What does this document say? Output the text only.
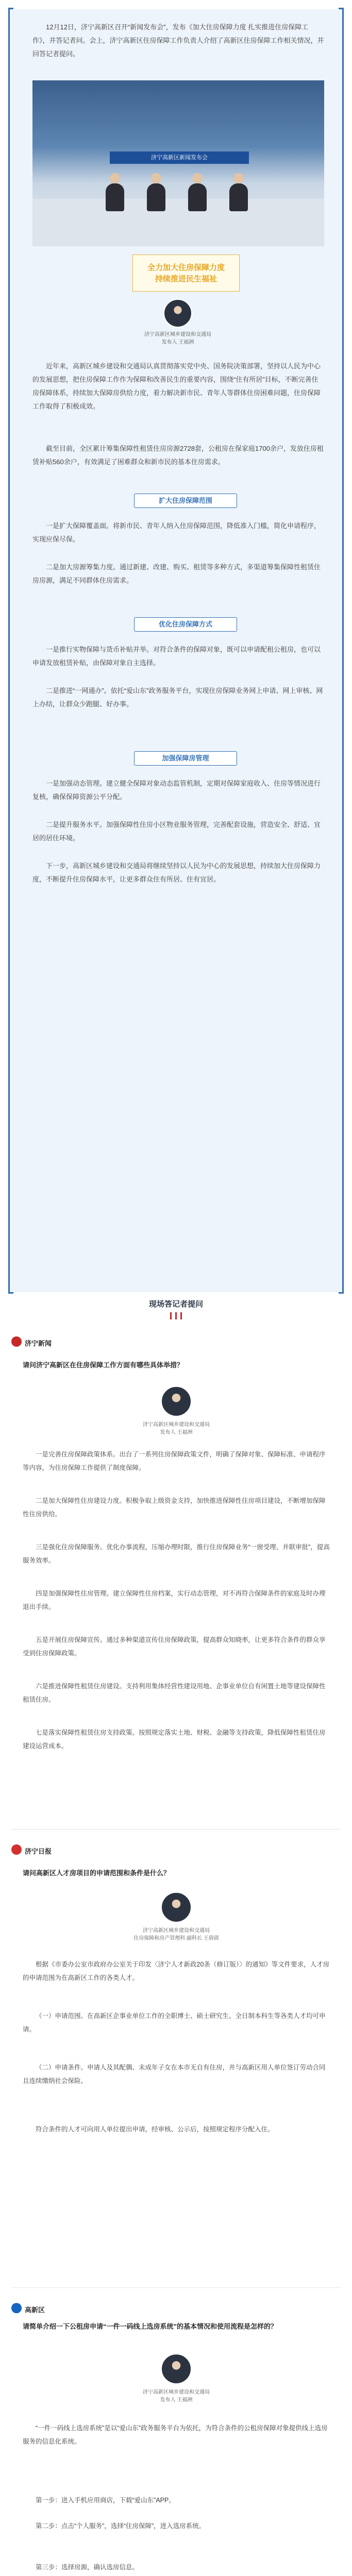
12月12日，济宁高新区召开“新闻发布会”，发布《加大住房保障力度 扎实推进住房保障工作》，并答记者问。会上，济宁高新区住房保障工作负责人介绍了高新区住房保障工作相关情况，并回答记者提问。

济宁高新区新闻发布会
全力加大住房保障力度
持续推进民生福祉
济宁高新区城乡建设和交通局
发布人 王福洲

近年来，高新区城乡建设和交通局认真贯彻落实党中央、国务院决策部署，坚持以人民为中心的发展思想，把住房保障工作作为保障和改善民生的重要内容，围绕“住有所居”目标，不断完善住房保障体系，持续加大保障房供给力度，着力解决新市民、青年人等群体住房困难问题，住房保障工作取得了积极成效。

截至目前，全区累计筹集保障性租赁住房房源2728套，公租房在保家庭1700余户，发放住房租赁补贴560余户，有效满足了困难群众和新市民的基本住房需求。

扩大住房保障范围

一是扩大保障覆盖面。将新市民、青年人纳入住房保障范围，降低准入门槛，简化申请程序，实现应保尽保。

二是加大房源筹集力度。通过新建、改建、购买、租赁等多种方式，多渠道筹集保障性租赁住房房源，满足不同群体住房需求。

优化住房保障方式

一是推行实物保障与货币补贴并举。对符合条件的保障对象，既可以申请配租公租房，也可以申请发放租赁补贴，由保障对象自主选择。

二是推进“一网通办”。依托“爱山东”政务服务平台，实现住房保障业务网上申请、网上审核、网上办结，让群众少跑腿、好办事。

加强保障房管理

一是加强动态管理。建立健全保障对象动态监管机制，定期对保障家庭收入、住房等情况进行复核，确保保障资源公平分配。

二是提升服务水平。加强保障性住房小区物业服务管理，完善配套设施，营造安全、舒适、宜居的居住环境。

下一步，高新区城乡建设和交通局将继续坚持以人民为中心的发展思想，持续加大住房保障力度，不断提升住房保障水平，让更多群众住有所居、住有宜居。

现场答记者提问
济宁新闻

请问济宁高新区在住房保障工作方面有哪些具体举措？

济宁高新区城乡建设和交通局
发布人 王福洲

一是完善住房保障政策体系。出台了一系列住房保障政策文件，明确了保障对象、保障标准、申请程序等内容，为住房保障工作提供了制度保障。

二是加大保障性住房建设力度。积极争取上级资金支持，加快推进保障性住房项目建设，不断增加保障性住房供给。

三是强化住房保障服务。优化办事流程，压缩办理时限，推行住房保障业务“一窗受理、并联审批”，提高服务效率。

四是加强保障性住房管理。建立保障性住房档案，实行动态管理，对不再符合保障条件的家庭及时办理退出手续。

五是开展住房保障宣传。通过多种渠道宣传住房保障政策，提高群众知晓率，让更多符合条件的群众享受到住房保障政策。

六是推进保障性租赁住房建设。支持利用集体经营性建设用地、企事业单位自有闲置土地等建设保障性租赁住房。

七是落实保障性租赁住房支持政策。按照规定落实土地、财税、金融等支持政策，降低保障性租赁住房建设运营成本。

济宁日报

请问高新区人才房项目的申请范围和条件是什么？

济宁高新区城乡建设和交通局
住房保障和房产管理科 副科长 王倩倩

根据《市委办公室市政府办公室关于印发〈济宁人才新政20条（修订版）〉的通知》等文件要求，人才房的申请范围为在高新区工作的各类人才。

（一）申请范围。在高新区企事业单位工作的全职博士、硕士研究生、全日制本科生等各类人才均可申请。

（二）申请条件。申请人及其配偶、未成年子女在本市无自有住房，并与高新区用人单位签订劳动合同且连续缴纳社会保险。

符合条件的人才可向用人单位提出申请，经审核、公示后，按照规定程序分配入住。

高新区

请简单介绍一下公租房申请“一件一码线上选房系统”的基本情况和使用流程是怎样的？

济宁高新区城乡建设和交通局
发布人 王福洲

“一件一码线上选房系统”是以“爱山东”政务服务平台为依托，为符合条件的公租房保障对象提供线上选房服务的信息化系统。

第一步：进入手机应用商店，下载“爱山东”APP。

第二步：点击“个人服务”，选择“住房保障”，进入选房系统。

第三步：选择房源，确认选房信息。
